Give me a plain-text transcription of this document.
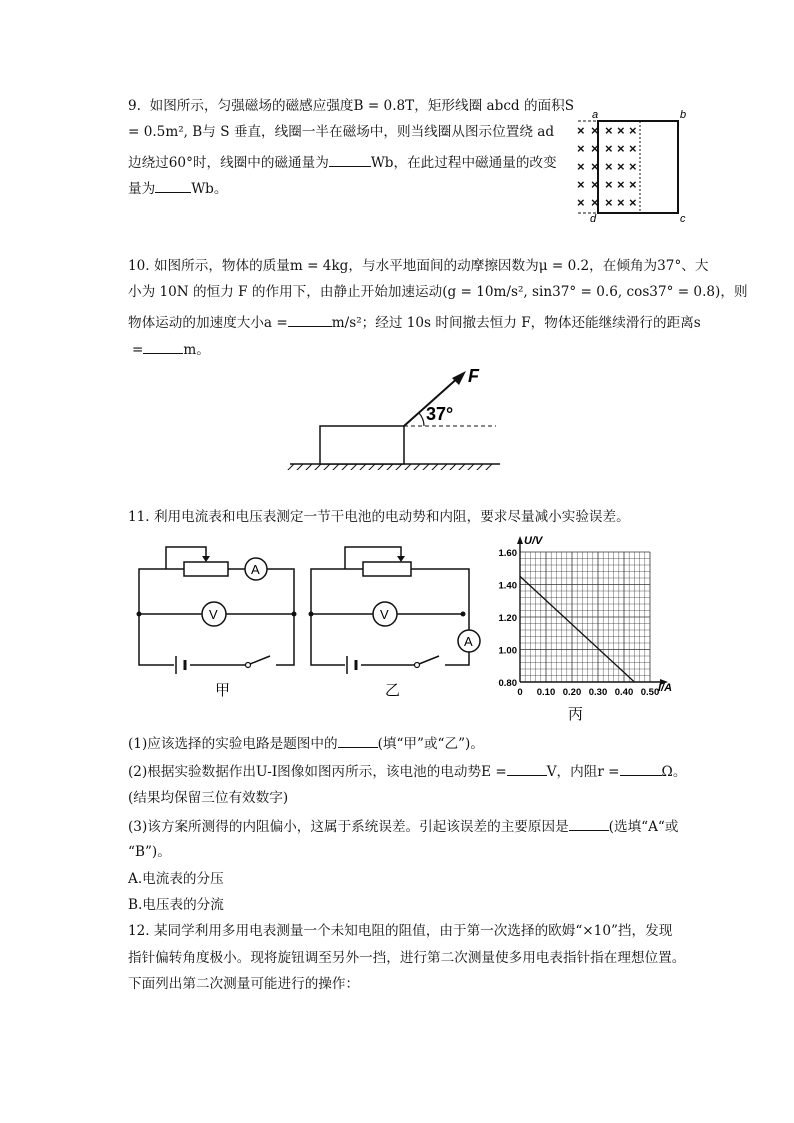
9.  如图所示，匀强磁场的磁感应强度B = 0.8T，矩形线圈 abcd 的面积S
= 0.5m², B与 S 垂直，线圈一半在磁场中，则当线圈从图示位置绕 ad
边绕过60°时，线圈中的磁通量为	Wb，在此过程中磁通量的改变
量为	Wb。
× × × × ×
× × × × ×
× × × × ×
× × × × ×
× × × × ×
a	b
c
d
10. 如图所示，物体的质量m = 4kg，与水平地面间的动摩擦因数为μ = 0.2，在倾角为37°、大
小为 10N 的恒力 F 的作用下，由静止开始加速运动(g = 10m/s², sin37° = 0.6, cos37° = 0.8)，则
物体运动的加速度大小a =	m/s²；经过 10s 时间撤去恒力 F，物体还能继续滑行的距离s
=	m。
F
37°
11. 利用电流表和电压表测定一节干电池的电动势和内阻，要求尽量减小实验误差。
A
V
甲
V
A
乙	0.80
1.00
1.20
1.40
1.60
0 0.10 0.20 0.30 0.40 0.50
U/V
I/A
丙
(1)应该选择的实验电路是题图中的	(填“甲”或“乙”)。
(2)根据实验数据作出U-I图像如图丙所示，该电池的电动势E =	V，内阻r =	Ω。
(结果均保留三位有效数字)
(3)该方案所测得的内阻偏小，这属于系统误差。引起该误差的主要原因是	(选填“A“或
“B”)。
A.电流表的分压
B.电压表的分流
12. 某同学利用多用电表测量一个未知电阻的阻值，由于第一次选择的欧姆“×10”挡，发现
指针偏转角度极小。现将旋钮调至另外一挡，进行第二次测量使多用电表指针指在理想位置。
下面列出第二次测量可能进行的操作：
